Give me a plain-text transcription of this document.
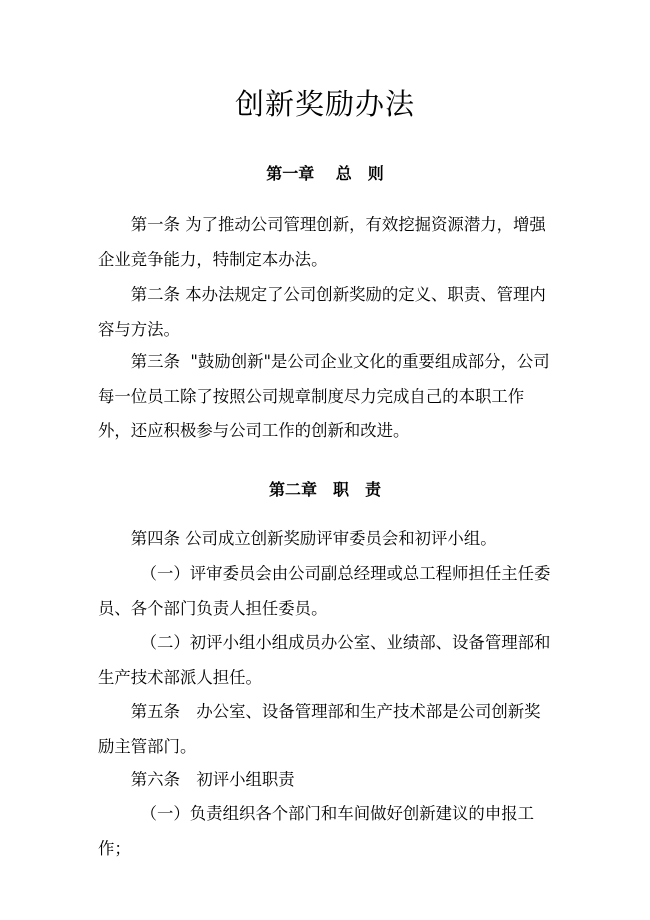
创新奖励办法
第一章　 总　则

第一条 为了推动公司管理创新，有效挖掘资源潜力，增强企业竞争能力，特制定本办法。

第二条 本办法规定了公司创新奖励的定义、职责、管理内容与方法。

第三条  "鼓励创新"是公司企业文化的重要组成部分，公司每一位员工除了按照公司规章制度尽力完成自己的本职工作外，还应积极参与公司工作的创新和改进。

第二章　职　责

第四条 公司成立创新奖励评审委员会和初评小组。

（一）评审委员会由公司副总经理或总工程师担任主任委员、各个部门负责人担任委员。

（二）初评小组小组成员办公室、业绩部、设备管理部和生产技术部派人担任。

第五条　办公室、设备管理部和生产技术部是公司创新奖励主管部门。

第六条　初评小组职责

（一）负责组织各个部门和车间做好创新建议的申报工作；
